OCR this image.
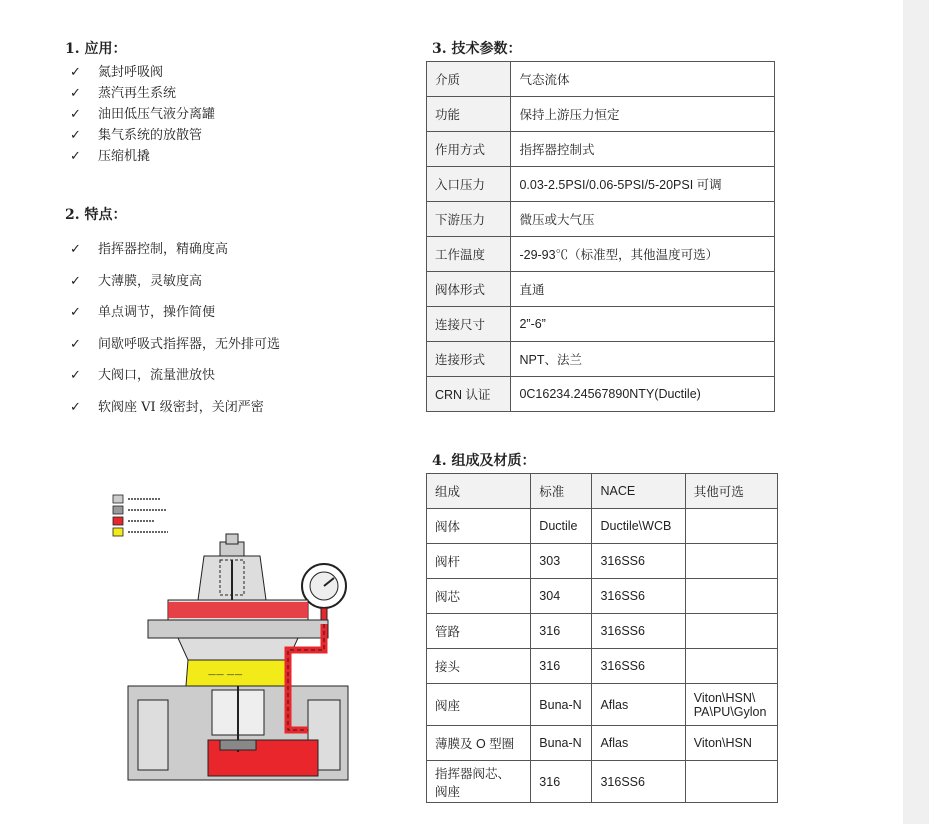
1. 应用：
✓ 氮封呼吸阀
✓ 蒸汽再生系统
✓ 油田低压气液分离罐
✓ 集气系统的放散管
✓ 压缩机撬
2. 特点：
✓ 指挥器控制，精确度高
✓ 大薄膜，灵敏度高
✓ 单点调节，操作简便
✓ 间歇呼吸式指挥器，无外排可选
✓ 大阀口，流量泄放快
✓ 软阀座 VI 级密封，关闭严密
3. 技术参数：
介质	气态流体
功能	保持上游压力恒定
作用方式	指挥器控制式
入口压力	0.03-2.5PSI/0.06-5PSI/5-20PSI 可调
下游压力	微压或大气压
工作温度	-29-93℃（标准型，其他温度可选）
阀体形式	直通
连接尺寸	2”-6”
连接形式	NPT、法兰
CRN 认证	0C16234.24567890NTY(Ductile)
4. 组成及材质：
组成	标准	NACE	其他可选
阀体	Ductile	Ductile\WCB	
阀杆	303	316SS6	
阀芯	304	316SS6	
管路	316	316SS6	
接头	316	316SS6	
阀座	Buna-N	Aflas	Viton\HSN\ PA\PU\Gylon
薄膜及 O 型圈	Buna-N	Aflas	Viton\HSN
指挥器阀芯、阀座	316	316SS6	
—— ——
